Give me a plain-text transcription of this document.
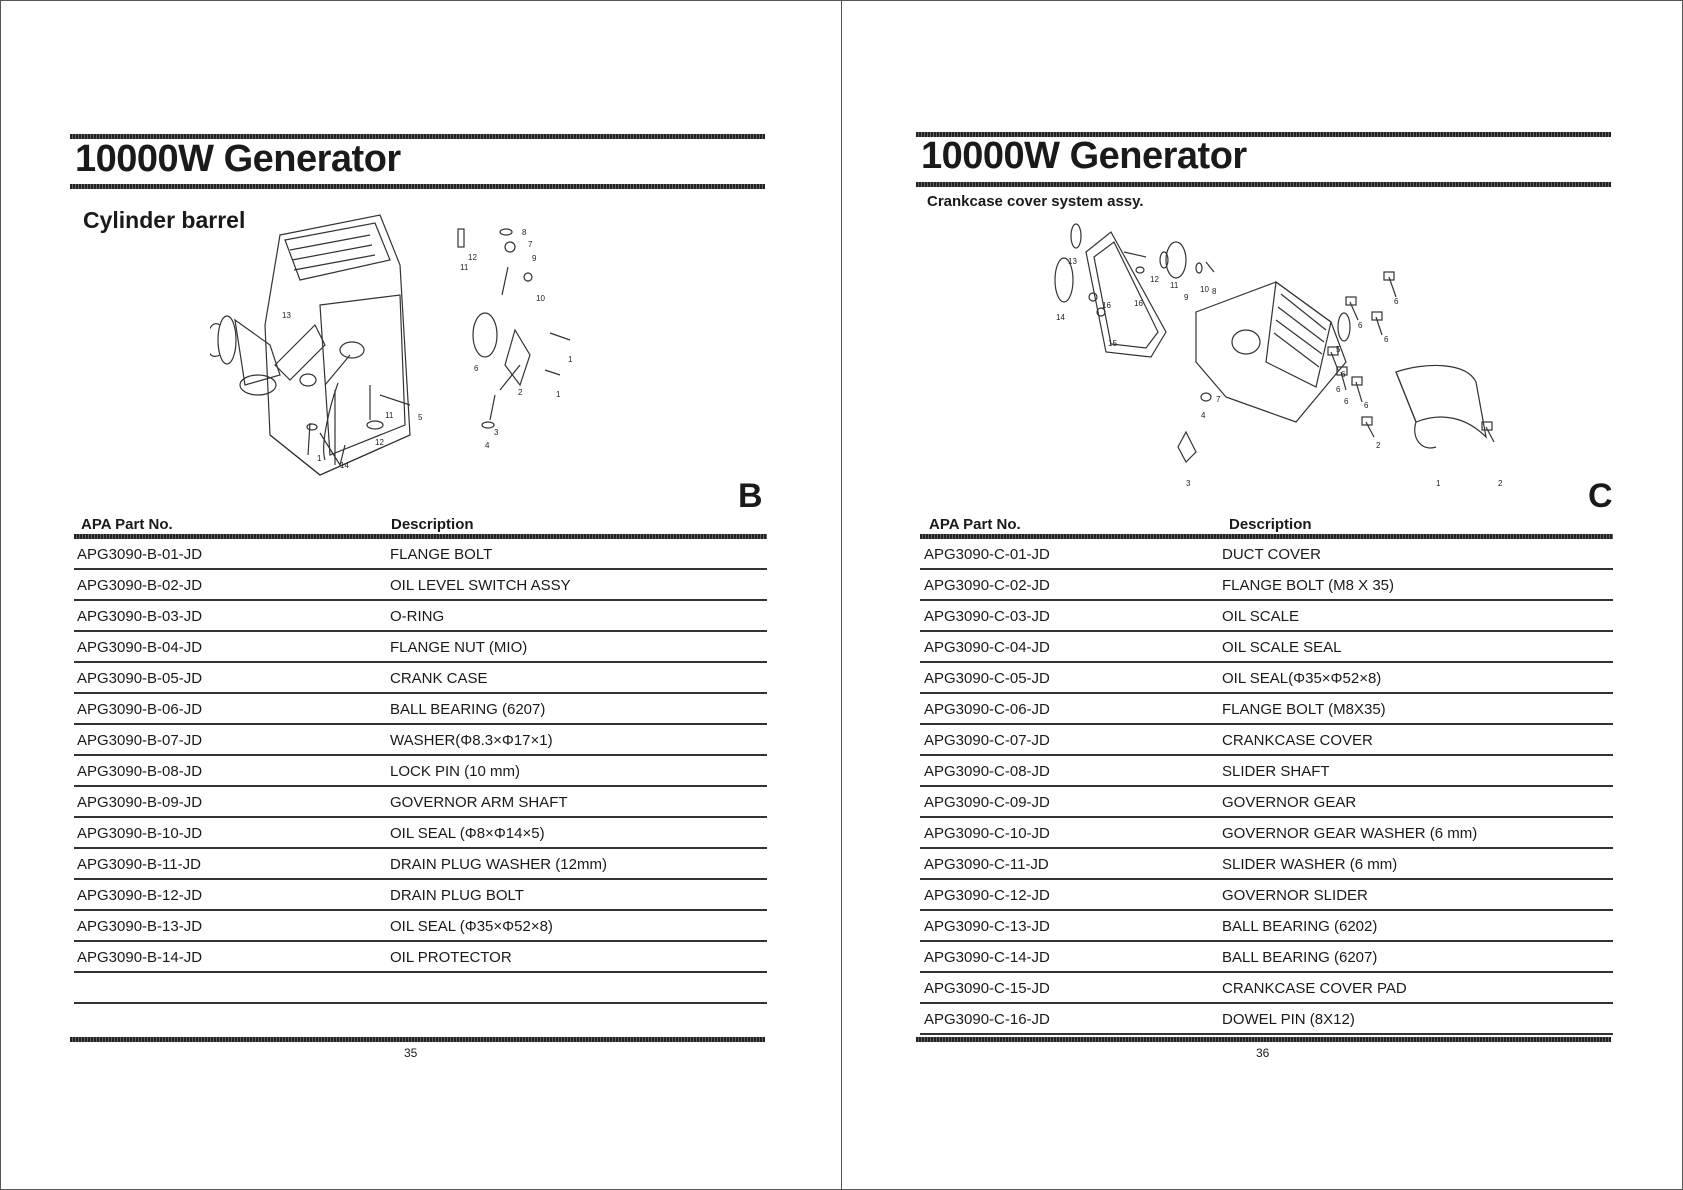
10000W Generator
Cylinder barrel	8
7
12	9
11
10
13
1
6
2	1
11	5
3
12	4
1
14
B
APA Part No.	Description
APG3090-B-01-JD	FLANGE BOLT
APG3090-B-02-JD	OIL LEVEL SWITCH ASSY
APG3090-B-03-JD	O-RING
APG3090-B-04-JD	FLANGE NUT (MIO)
APG3090-B-05-JD	CRANK CASE
APG3090-B-06-JD	BALL BEARING (6207)
APG3090-B-07-JD	WASHER(Φ8.3×Φ17×1)
APG3090-B-08-JD	LOCK PIN (10 mm)
APG3090-B-09-JD	GOVERNOR ARM SHAFT
APG3090-B-10-JD	OIL SEAL (Φ8×Φ14×5)
APG3090-B-11-JD	DRAIN PLUG WASHER (12mm)
APG3090-B-12-JD	DRAIN PLUG BOLT
APG3090-B-13-JD	OIL SEAL (Φ35×Φ52×8)
APG3090-B-14-JD	OIL PROTECTOR
35
10000W Generator
Crankcase cover system assy.
13
12
11
9
10 8
14
16	16
15
6
6
6
5
6
6
6
4
7	6
3
2
1	2	C
APA Part No.	Description
APG3090-C-01-JD	DUCT COVER
APG3090-C-02-JD	FLANGE BOLT (M8 X 35)
APG3090-C-03-JD	OIL SCALE
APG3090-C-04-JD	OIL SCALE SEAL
APG3090-C-05-JD	OIL SEAL(Φ35×Φ52×8)
APG3090-C-06-JD	FLANGE BOLT (M8X35)
APG3090-C-07-JD	CRANKCASE COVER
APG3090-C-08-JD	SLIDER SHAFT
APG3090-C-09-JD	GOVERNOR GEAR
APG3090-C-10-JD	GOVERNOR GEAR WASHER (6 mm)
APG3090-C-11-JD	SLIDER WASHER (6 mm)
APG3090-C-12-JD	GOVERNOR SLIDER
APG3090-C-13-JD	BALL BEARING (6202)
APG3090-C-14-JD	BALL BEARING (6207)
APG3090-C-15-JD	CRANKCASE COVER PAD
APG3090-C-16-JD	DOWEL PIN (8X12)
36
